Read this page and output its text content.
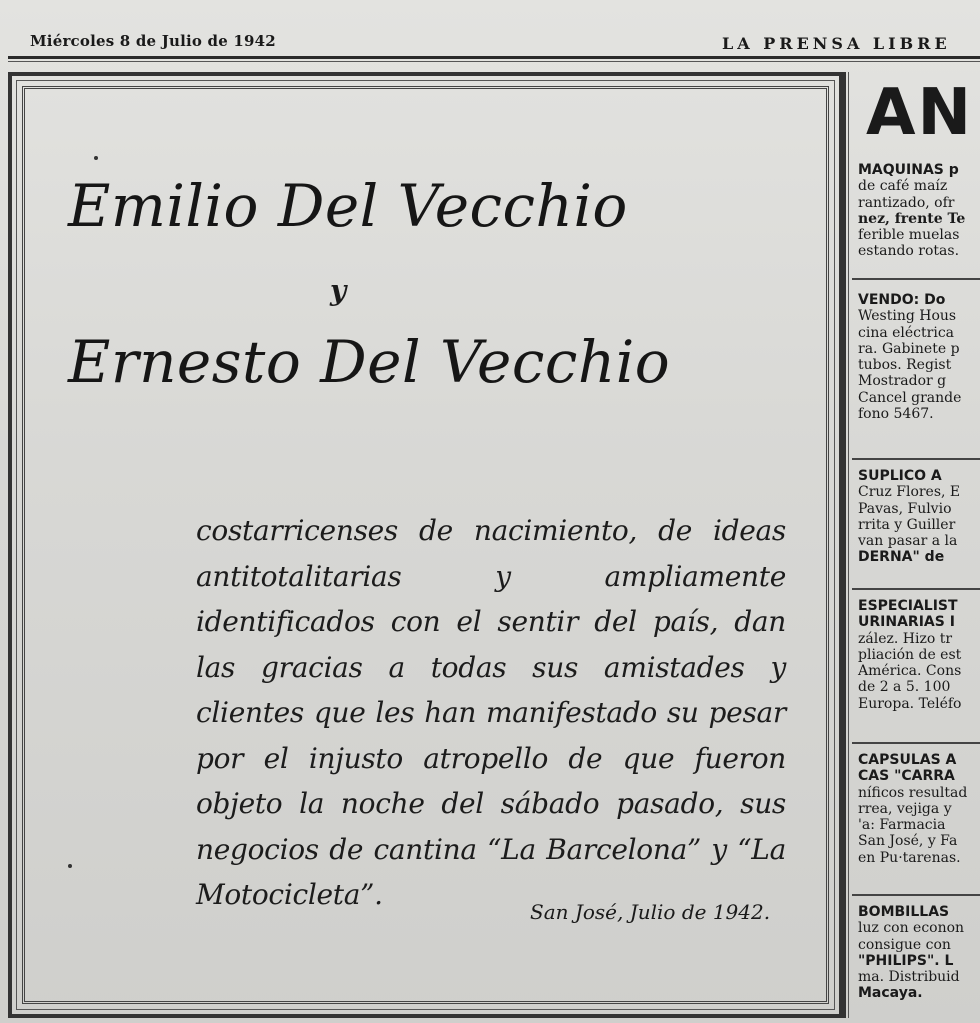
Miércoles 8 de Julio de 1942	LA PRENSA LIBRE
Emilio Del Vecchio
y
Ernesto Del Vecchio
costarricenses de nacimiento, de ideas antitotalitarias y ampliamente identificados con el sentir del país, dan las gracias a todas sus amistades y clientes que les han manifestado su pesar por el injusto atropello de que fueron objeto la noche del sábado pasado, sus negocios de cantina “La Barcelona” y “La Motocicleta”.
San José, Julio de 1942.
AN
MAQUINAS p
de café maíz
rantizado, ofr
nez, frente Te
ferible muelas
estando rotas.
VENDO: Do
Westing Hous
cina eléctrica
ra. Gabinete p
tubos. Regist
Mostrador g
Cancel grande
fono 5467.
SUPLICO A
Cruz Flores, E
Pavas, Fulvio
rrita y Guiller
van pasar a la
DERNA" de
ESPECIALIST
URINARIAS I
zález. Hizo tr
pliación de est
América. Cons
de 2 a 5. 100
Europa. Teléfo
CAPSULAS A
CAS "CARRA
níficos resultad
rrea, vejiga y
'a: Farmacia
San José, y Fa
en Pu·tarenas.
BOMBILLAS
luz con econon
consigue con
"PHILIPS". L
ma. Distribuid
Macaya.
